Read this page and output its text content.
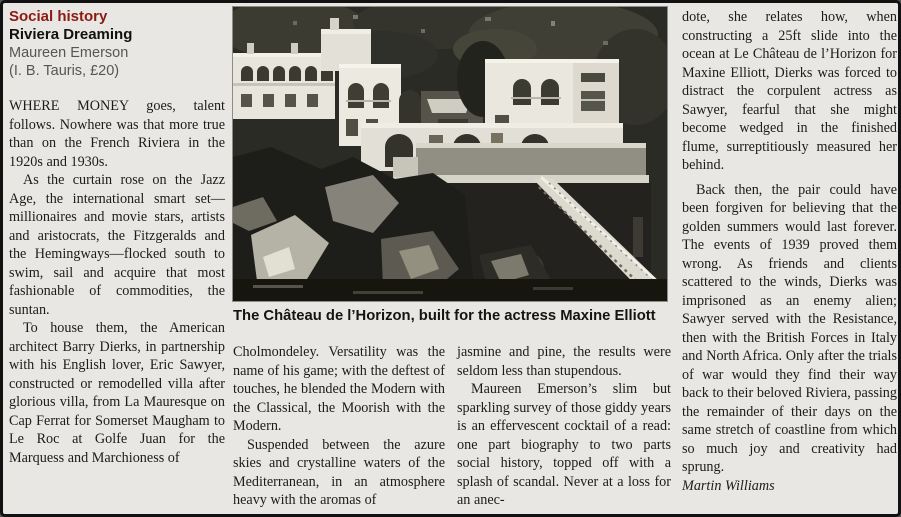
Social history
Riviera Dreaming
Maureen Emerson
(I. B. Tauris, £20)

WHERE MONEY goes, talent follows. Nowhere was that more true than on the French Riviera in the 1920s and 1930s.

As the curtain rose on the Jazz Age, the international smart set—millionaires and movie stars, artists and aristocrats, the Fitzgeralds and the Hemingways—flocked south to swim, sail and acquire that most fashionable of commodities, the suntan.

To house them, the American architect Barry Dierks, in partnership with his English lover, Eric Sawyer, constructed or remodelled villa after glorious villa, from La Mauresque on Cap Ferrat for Somerset Maugham to Le Roc at Golfe Juan for the Marquess and Marchioness of

The Château de l’Horizon, built for the actress Maxine Elliott

Cholmondeley. Versatility was the name of his game; with the deftest of touches, he blended the Modern with the Classical, the Moorish with the Modern.

Suspended between the azure skies and crystalline waters of the Mediterranean, in an atmosphere heavy with the aromas of

jasmine and pine, the results were seldom less than stupendous.

Maureen Emerson’s slim but sparkling survey of those giddy years is an effervescent cocktail of a read: one part biography to two parts social history, topped off with a splash of scandal. Never at a loss for an anec-

dote, she relates how, when constructing a 25ft slide into the ocean at Le Château de l’Horizon for Maxine Elliott, Dierks was forced to distract the corpulent actress as Sawyer, fearful that she might become wedged in the finished flume, surreptitiously measured her behind.

Back then, the pair could have been forgiven for believing that the golden summers would last forever. The events of 1939 proved them wrong. As friends and clients scattered to the winds, Dierks was imprisoned as an enemy alien; Sawyer served with the Resistance, then with the British Forces in Italy and North Africa. Only after the trials of war would they find their way back to their beloved Riviera, passing the remainder of their days on the same stretch of coastline from which so much joy and creativity had sprung.

Martin Williams
